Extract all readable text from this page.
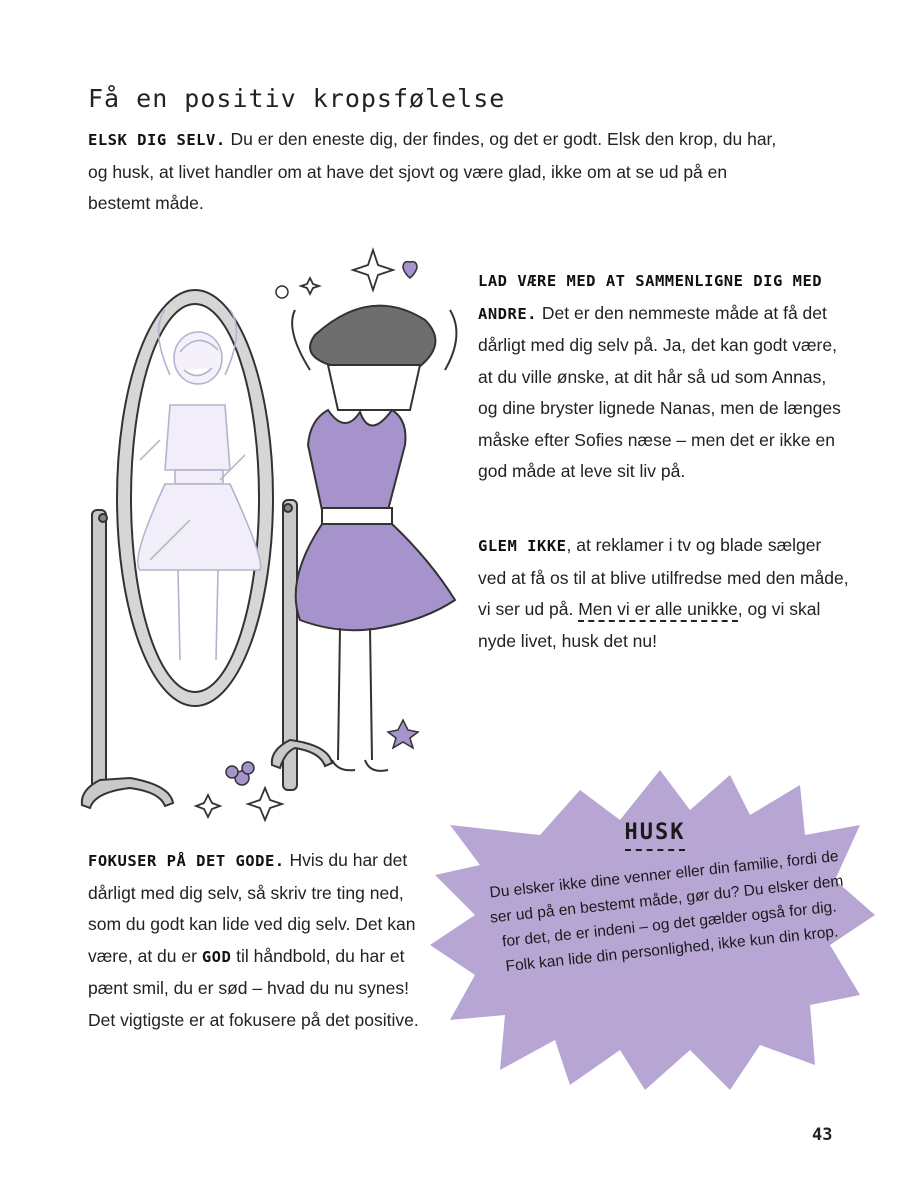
Få en positiv kropsfølelse

ELSK DIG SELV. Du er den eneste dig, der findes, og det er godt. Elsk den krop, du har, og husk, at livet handler om at have det sjovt og være glad, ikke om at se ud på en bestemt måde.

LAD VÆRE MED AT SAMMENLIGNE DIG MED ANDRE. Det er den nemmeste måde at få det dårligt med dig selv på. Ja, det kan godt være, at du ville ønske, at dit hår så ud som Annas, og dine bryster lignede Nanas, men de længes måske efter Sofies næse – men det er ikke en god måde at leve sit liv på.

GLEM IKKE, at reklamer i tv og blade sælger ved at få os til at blive utilfredse med den måde, vi ser ud på. Men vi er alle unikke, og vi skal nyde livet, husk det nu!

FOKUSER PÅ DET GODE. Hvis du har det dårligt med dig selv, så skriv tre ting ned, som du godt kan lide ved dig selv. Det kan være, at du er GOD til håndbold, du har et pænt smil, du er sød – hvad du nu synes! Det vigtigste er at fokusere på det positive.

HUSK
Du elsker ikke dine venner eller din familie, fordi de ser ud på en bestemt måde, gør du? Du elsker dem for det, de er indeni – og det gælder også for dig. Folk kan lide din personlighed, ikke kun din krop.
43
